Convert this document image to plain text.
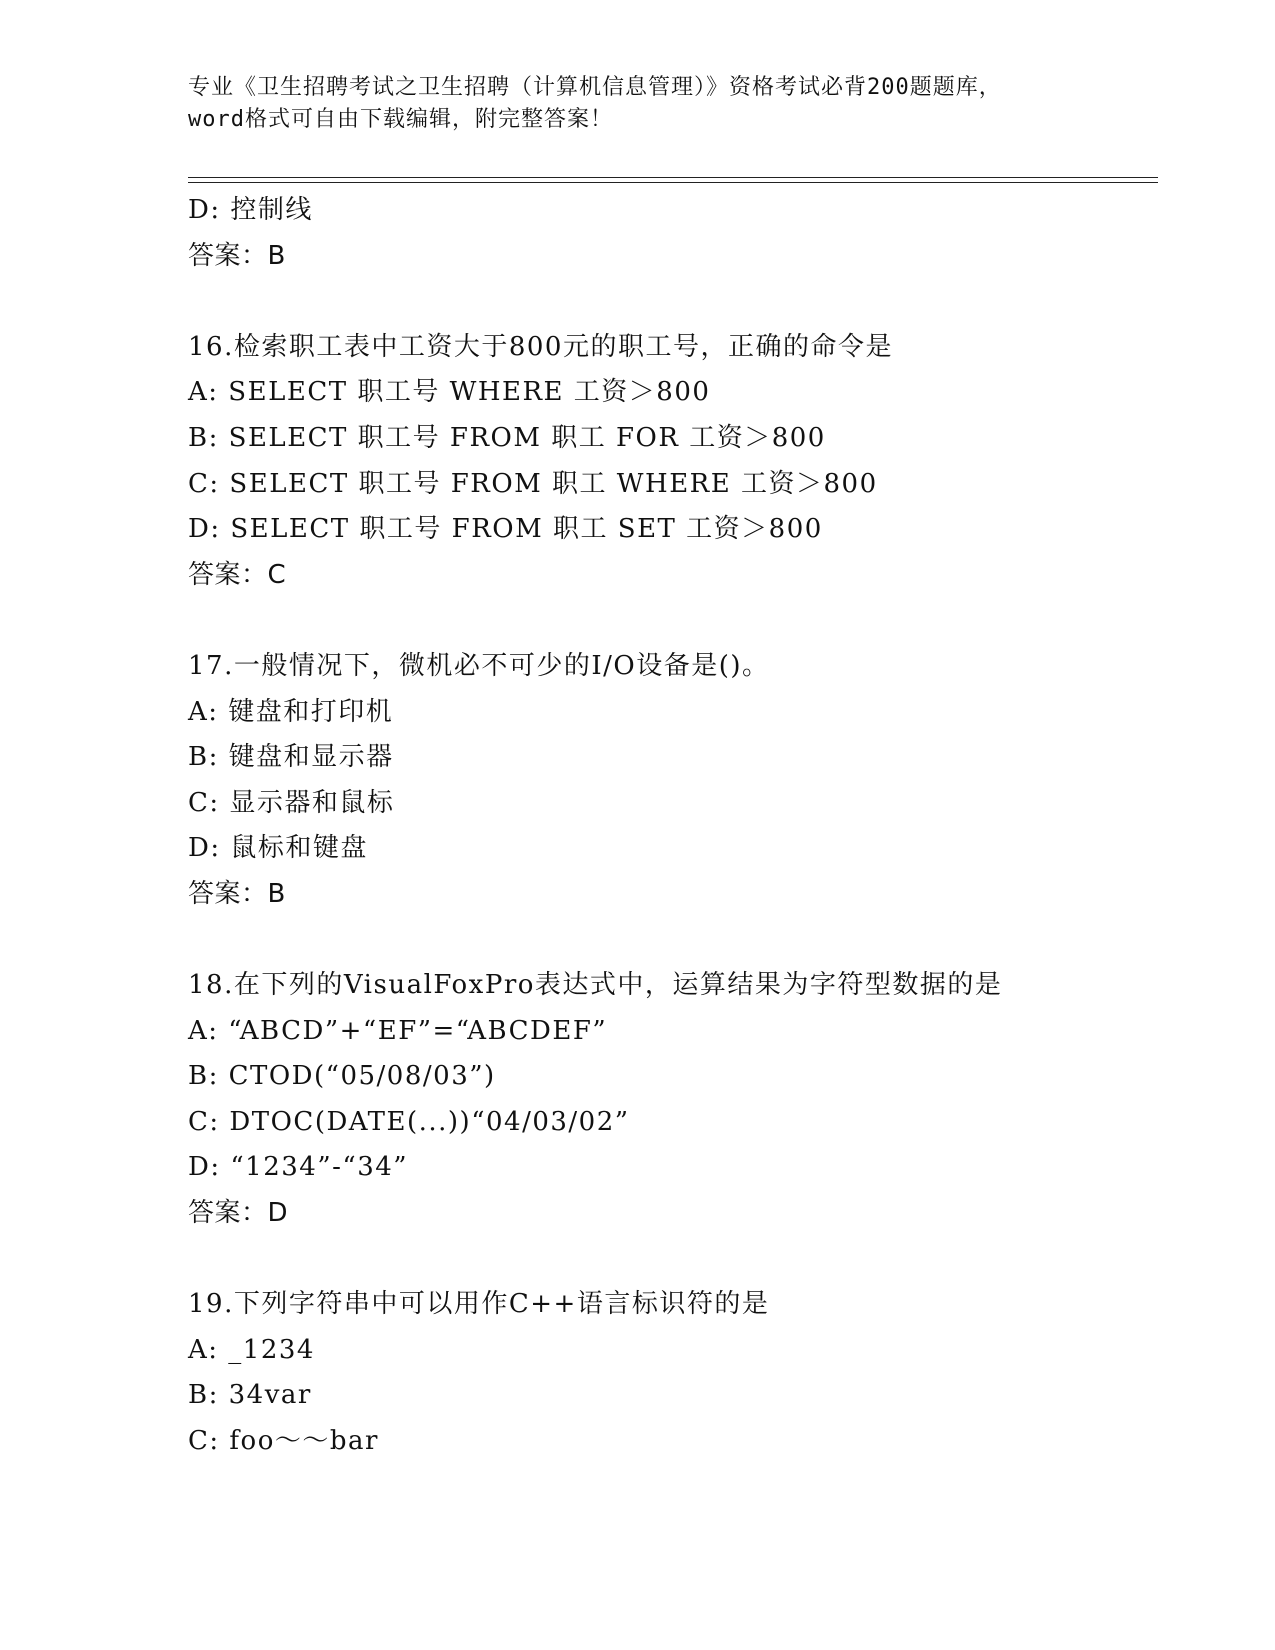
专业《卫生招聘考试之卫生招聘（计算机信息管理）》资格考试必背200题题库，
word格式可自由下载编辑，附完整答案！
D: 控制线
答案：B
16.检索职工表中工资大于800元的职工号，正确的命令是
A: SELECT 职工号 WHERE 工资＞800
B: SELECT 职工号 FROM 职工 FOR 工资＞800
C: SELECT 职工号 FROM 职工 WHERE 工资＞800
D: SELECT 职工号 FROM 职工 SET 工资＞800
答案：C
17.一般情况下，微机必不可少的I/O设备是()。
A: 键盘和打印机
B: 键盘和显示器
C: 显示器和鼠标
D: 鼠标和键盘
答案：B
18.在下列的VisualFoxPro表达式中，运算结果为字符型数据的是
A: “ABCD”+“EF”=“ABCDEF”
B: CTOD(“05/08/03”)
C: DTOC(DATE(...))“04/03/02”
D: “1234”-“34”
答案：D
19.下列字符串中可以用作C++语言标识符的是
A: _1234
B: 34var
C: foo～～bar
